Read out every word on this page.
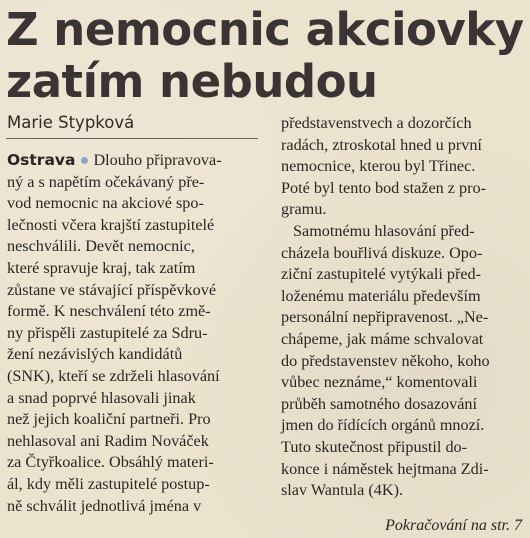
Z nemocnic akciovky
zatím nebudou
Marie Stypková
Ostrava Dlouho připravova-
ný a s napětím očekávaný pře-
vod nemocnic na akciové spo-
lečnosti včera krajští zastupitelé
neschválili. Devět nemocnic,
které spravuje kraj, tak zatím
zůstane ve stávající příspěvkové
formě. K neschválení této změ-
ny přispěli zastupitelé za Sdru-
žení nezávislých kandidátů
(SNK), kteří se zdrželi hlasování
a snad poprvé hlasovali jinak
než jejich koaliční partneři. Pro
nehlasoval ani Radim Nováček
za Čtyřkoalice. Obsáhlý materi-
ál, kdy měli zastupitelé postup-
ně schválit jednotlivá jména v
představenstvech a dozorčích
radách, ztroskotal hned u první
nemocnice, kterou byl Třinec.
Poté byl tento bod stažen z pro-
gramu.
Samotnému hlasování před-
cházela bouřlivá diskuze. Opo-
ziční zastupitelé vytýkali před-
loženému materiálu především
personální nepřipravenost. „Ne-
chápeme, jak máme schvalovat
do představenstev někoho, koho
vůbec neznáme,“ komentovali
průběh samotného dosazování
jmen do řídících orgánů mnozí.
Tuto skutečnost připustil do-
konce i náměstek hejtmana Zdi-
slav Wantula (4K).
Pokračování na str. 7
